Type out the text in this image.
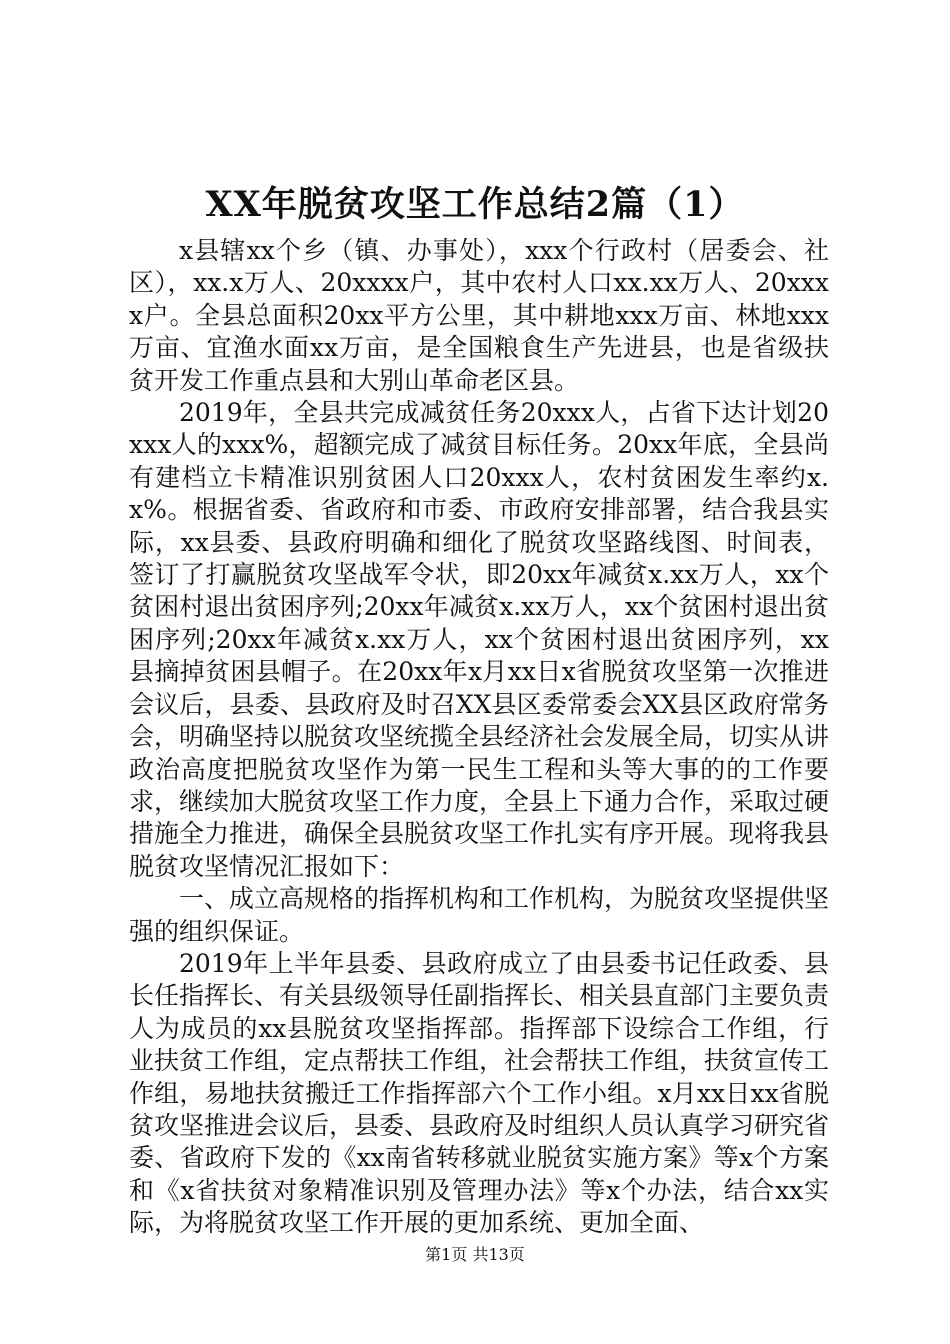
XX年脱贫攻坚工作总结2篇（1）

x县辖xx个乡（镇、办事处），xxx个行政村（居委会、社区），xx.x万人、20xxxx户，其中农村人口xx.xx万人、20xxxx户。全县总面积20xx平方公里，其中耕地xxx万亩、林地xxx万亩、宜渔水面xx万亩，是全国粮食生产先进县，也是省级扶贫开发工作重点县和大别山革命老区县。

2019年，全县共完成减贫任务20xxx人，占省下达计划20xxx人的xxx%，超额完成了减贫目标任务。20xx年底，全县尚有建档立卡精准识别贫困人口20xxx人，农村贫困发生率约x.x%。根据省委、省政府和市委、市政府安排部署，结合我县实际，xx县委、县政府明确和细化了脱贫攻坚路线图、时间表，签订了打赢脱贫攻坚战军令状，即20xx年减贫x.xx万人，xx个贫困村退出贫困序列;20xx年减贫x.xx万人，xx个贫困村退出贫困序列;20xx年减贫x.xx万人，xx个贫困村退出贫困序列，xx县摘掉贫困县帽子。在20xx年x月xx日x省脱贫攻坚第一次推进会议后，县委、县政府及时召XX县区委常委会XX县区政府常务会，明确坚持以脱贫攻坚统揽全县经济社会发展全局，切实从讲政治高度把脱贫攻坚作为第一民生工程和头等大事的的工作要求，继续加大脱贫攻坚工作力度，全县上下通力合作，采取过硬措施全力推进，确保全县脱贫攻坚工作扎实有序开展。现将我县脱贫攻坚情况汇报如下：

一、成立高规格的指挥机构和工作机构，为脱贫攻坚提供坚强的组织保证。

2019年上半年县委、县政府成立了由县委书记任政委、县长任指挥长、有关县级领导任副指挥长、相关县直部门主要负责人为成员的xx县脱贫攻坚指挥部。指挥部下设综合工作组，行业扶贫工作组，定点帮扶工作组，社会帮扶工作组，扶贫宣传工作组，易地扶贫搬迁工作指挥部六个工作小组。x月xx日xx省脱贫攻坚推进会议后，县委、县政府及时组织人员认真学习研究省委、省政府下发的《xx南省转移就业脱贫实施方案》等x个方案和《x省扶贫对象精准识别及管理办法》等x个办法，结合xx实际，为将脱贫攻坚工作开展的更加系统、更加全面、

第1页 共13页
